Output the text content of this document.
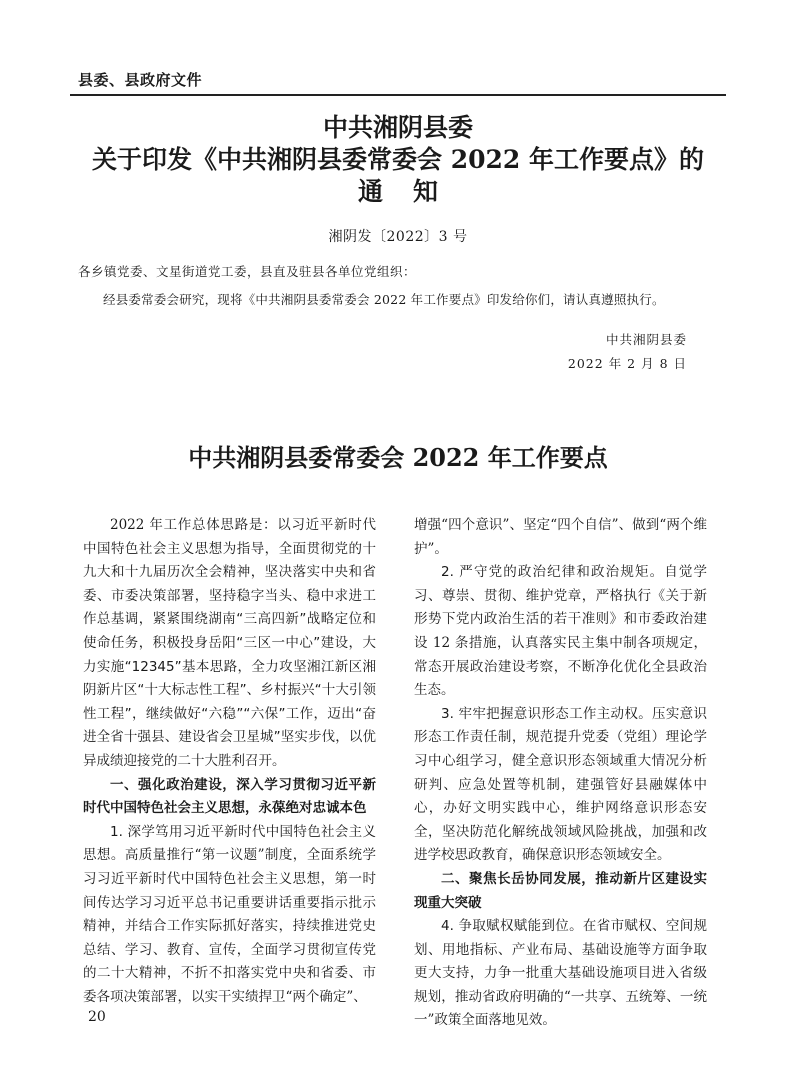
县委、县政府文件
中共湘阴县委
关于印发《中共湘阴县委常委会 2022 年工作要点》的
通知
湘阴发〔2022〕3 号
各乡镇党委、文星街道党工委，县直及驻县各单位党组织：
经县委常委会研究，现将《中共湘阴县委常委会 2022 年工作要点》印发给你们，请认真遵照执行。
中共湘阴县委
2022 年 2 月 8 日
中共湘阴县委常委会 2022 年工作要点

2022 年工作总体思路是：以习近平新时代中国特色社会主义思想为指导，全面贯彻党的十九大和十九届历次全会精神，坚决落实中央和省委、市委决策部署，坚持稳字当头、稳中求进工作总基调，紧紧围绕湖南“三高四新”战略定位和使命任务，积极投身岳阳“三区一中心”建设，大力实施“12345”基本思路，全力攻坚湘江新区湘阴新片区“十大标志性工程”、乡村振兴“十大引领性工程”，继续做好“六稳”“六保”工作，迈出“奋进全省十强县、建设省会卫星城”坚实步伐，以优异成绩迎接党的二十大胜利召开。

一、强化政治建设，深入学习贯彻习近平新时代中国特色社会主义思想，永葆绝对忠诚本色

1. 深学笃用习近平新时代中国特色社会主义思想。高质量推行“第一议题”制度，全面系统学习习近平新时代中国特色社会主义思想，第一时间传达学习习近平总书记重要讲话重要指示批示精神，并结合工作实际抓好落实，持续推进党史总结、学习、教育、宣传，全面学习贯彻宣传党的二十大精神，不折不扣落实党中央和省委、市委各项决策部署，以实干实绩捍卫“两个确定”、

增强“四个意识”、坚定“四个自信”、做到“两个维护”。

2. 严守党的政治纪律和政治规矩。自觉学习、尊崇、贯彻、维护党章，严格执行《关于新形势下党内政治生活的若干准则》和市委政治建设 12 条措施，认真落实民主集中制各项规定，常态开展政治建设考察，不断净化优化全县政治生态。

3. 牢牢把握意识形态工作主动权。压实意识形态工作责任制，规范提升党委（党组）理论学习中心组学习，健全意识形态领域重大情况分析研判、应急处置等机制，建强管好县融媒体中心，办好文明实践中心，维护网络意识形态安全，坚决防范化解统战领域风险挑战，加强和改进学校思政教育，确保意识形态领域安全。

二、聚焦长岳协同发展，推动新片区建设实现重大突破

4. 争取赋权赋能到位。在省市赋权、空间规划、用地指标、产业布局、基础设施等方面争取更大支持，力争一批重大基础设施项目进入省级规划，推动省政府明确的“一共享、五统筹、一统一”政策全面落地见效。

20
